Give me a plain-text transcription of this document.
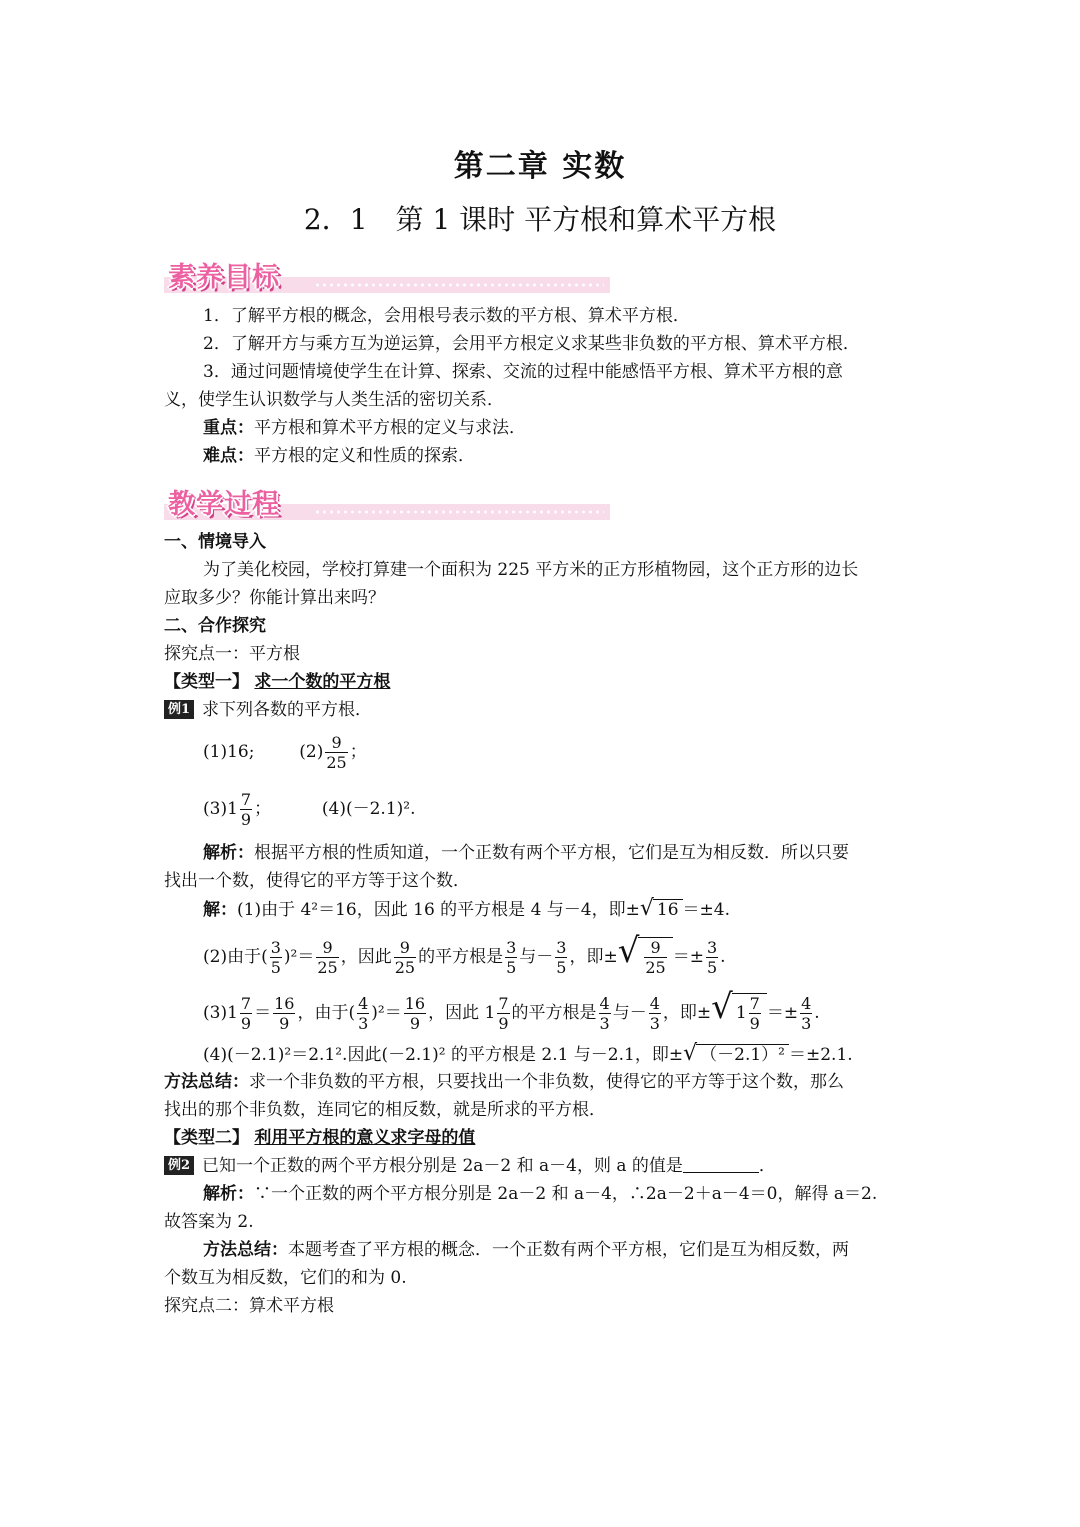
第二章 实数
2．1　第 1 课时 平方根和算术平方根
素养目标
1．了解平方根的概念，会用根号表示数的平方根、算术平方根．
2．了解开方与乘方互为逆运算，会用平方根定义求某些非负数的平方根、算术平方根．
3．通过问题情境使学生在计算、探索、交流的过程中能感悟平方根、算术平方根的意
义，使学生认识数学与人类生活的密切关系．
重点：平方根和算术平方根的定义与求法．
难点：平方根的定义和性质的探索．
教学过程
一、情境导入
为了美化校园，学校打算建一个面积为 225 平方米的正方形植物园，这个正方形的边长
应取多少？你能计算出来吗？
二、合作探究
探究点一：平方根
【类型一】 求一个数的平方根
例1 求下列各数的平方根．
(1)16;	$(2) \frac{9}{25}$ ；
$(3)1 \frac{7}{9}$ ；	(4)(－2.1)².
解析：根据平方根的性质知道，一个正数有两个平方根，它们是互为相反数．所以只要
找出一个数，使得它的平方等于这个数．
解：(1)由于 4²＝16，因此 16 的平方根是 4 与－4，即±√ 16 ＝±4.
(2)由于( $\frac{3}{5} )^2= \frac{9}{25}$ ，因此 $\frac{9}{25}$ 的平方根是 $\frac{3}{5}$ 与－ $\frac{3}{5}$ ，即±√ $\frac{9}{25} =\pm \frac{3}{5}$ .
$(3)1 \frac{7}{9} = \frac{16}{9}$ ，由于( $\frac{4}{3} )^2= \frac{16}{9}$ ，因此 $1 \frac{7}{9}$ 的平方根是 $\frac{4}{3}$ 与－ $\frac{4}{3}$ ，即±√ $1 \frac{7}{9} =\pm \frac{4}{3}$ .
(4)(－2.1)²＝2.1².因此(－2.1)² 的平方根是 2.1 与－2.1，即±√ （－2.1）² ＝±2.1.
方法总结：求一个非负数的平方根，只要找出一个非负数，使得它的平方等于这个数，那么
找出的那个非负数，连同它的相反数，就是所求的平方根．
【类型二】 利用平方根的意义求字母的值
例2 已知一个正数的两个平方根分别是 2a－2 和 a－4，则 a 的值是	．
解析：∵一个正数的两个平方根分别是 2a－2 和 a－4，∴2a－2＋a－4＝0，解得 a＝2.
故答案为 2.
方法总结：本题考查了平方根的概念．一个正数有两个平方根，它们是互为相反数，两
个数互为相反数，它们的和为 0.
探究点二：算术平方根
